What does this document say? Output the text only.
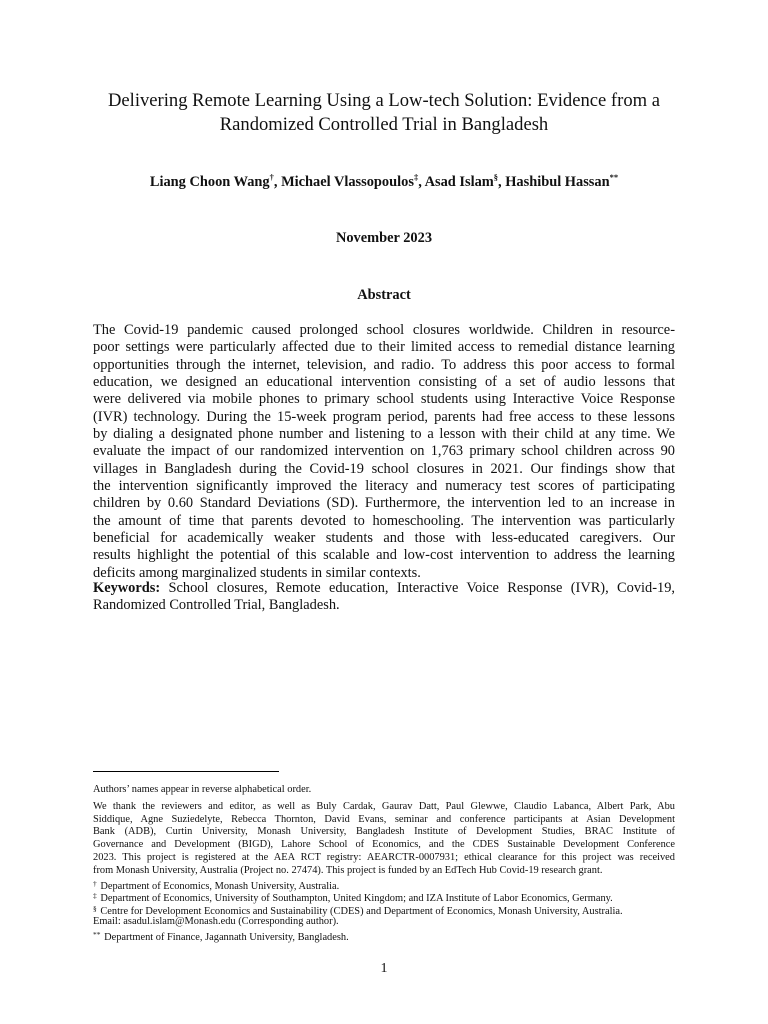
Delivering Remote Learning Using a Low-tech Solution: Evidence from a
Randomized Controlled Trial in Bangladesh
Liang Choon Wang†, Michael Vlassopoulos‡, Asad Islam§, Hashibul Hassan**
November 2023
Abstract
The Covid-19 pandemic caused prolonged school closures worldwide. Children in resource-
poor settings were particularly affected due to their limited access to remedial distance learning
opportunities through the internet, television, and radio. To address this poor access to formal
education, we designed an educational intervention consisting of a set of audio lessons that
were delivered via mobile phones to primary school students using Interactive Voice Response
(IVR) technology. During the 15-week program period, parents had free access to these lessons
by dialing a designated phone number and listening to a lesson with their child at any time. We
evaluate the impact of our randomized intervention on 1,763 primary school children across 90
villages in Bangladesh during the Covid-19 school closures in 2021. Our findings show that
the intervention significantly improved the literacy and numeracy test scores of participating
children by 0.60 Standard Deviations (SD). Furthermore, the intervention led to an increase in
the amount of time that parents devoted to homeschooling. The intervention was particularly
beneficial for academically weaker students and those with less-educated caregivers. Our
results highlight the potential of this scalable and low-cost intervention to address the learning
deficits among marginalized students in similar contexts.
Keywords: School closures, Remote education, Interactive Voice Response (IVR), Covid-19,
Randomized Controlled Trial, Bangladesh.
Authors’ names appear in reverse alphabetical order.
We thank the reviewers and editor, as well as Buly Cardak, Gaurav Datt, Paul Glewwe, Claudio Labanca, Albert Park, Abu
Siddique, Agne Suziedelyte, Rebecca Thornton, David Evans, seminar and conference participants at Asian Development
Bank (ADB), Curtin University, Monash University, Bangladesh Institute of Development Studies, BRAC Institute of
Governance and Development (BIGD), Lahore School of Economics, and the CDES Sustainable Development Conference
2023. This project is registered at the AEA RCT registry: AEARCTR-0007931; ethical clearance for this project was received
from Monash University, Australia (Project no. 27474). This project is funded by an EdTech Hub Covid-19 research grant.
† Department of Economics, Monash University, Australia.
‡ Department of Economics, University of Southampton, United Kingdom; and IZA Institute of Labor Economics, Germany.
§ Centre for Development Economics and Sustainability (CDES) and Department of Economics, Monash University, Australia.
Email: asadul.islam@Monash.edu (Corresponding author).
** Department of Finance, Jagannath University, Bangladesh.
1
